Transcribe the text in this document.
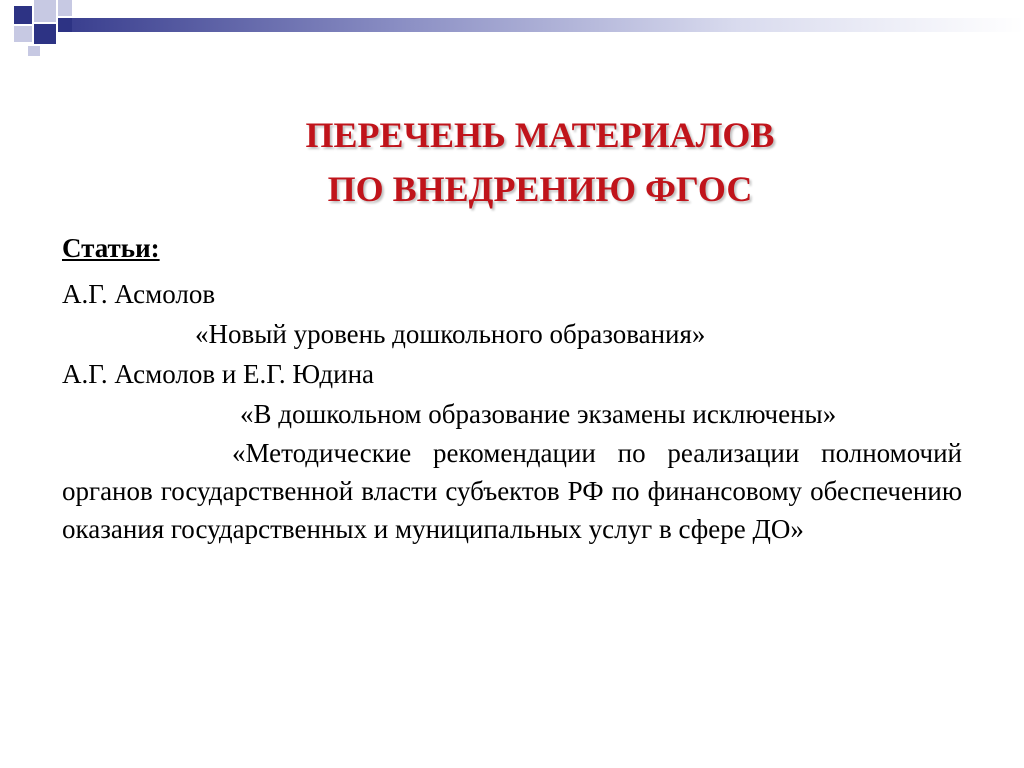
ПЕРЕЧЕНЬ МАТЕРИАЛОВ
ПО ВНЕДРЕНИЮ ФГОС
Статьи:
А.Г. Асмолов
«Новый уровень дошкольного образования»
А.Г. Асмолов и Е.Г. Юдина
«В дошкольном образование экзамены исключены»
«Методические рекомендации по реализации полномочий органов государственной власти субъектов РФ по финансовому обеспечению оказания государственных и муниципальных услуг в сфере ДО»
